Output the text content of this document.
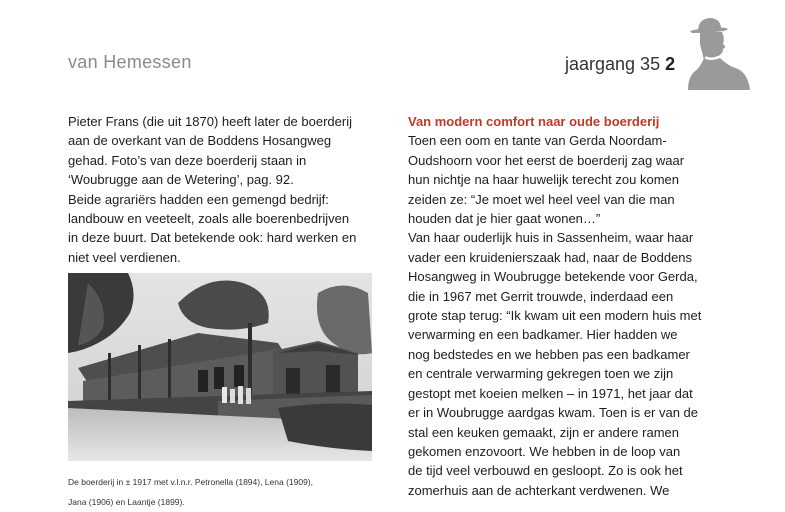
van Hemessen	jaargang 35 2

Pieter Frans (die uit 1870) heeft later de boerderij

aan de overkant van de Boddens Hosangweg

gehad. Foto’s van deze boerderij staan in

‘Woubrugge aan de Wetering’, pag. 92.

Beide agrariërs hadden een gemengd bedrijf:

landbouw en veeteelt, zoals alle boerenbedrijven

in deze buurt. Dat betekende ook: hard werken en

niet veel verdienen.

De boerderij in ± 1917 met v.l.n.r. Petronella (1894), Lena (1909),

Jana (1906) en Laantje (1899).

Van modern comfort naar oude boerderij

Toen een oom en tante van Gerda Noordam-

Oudshoorn voor het eerst de boerderij zag waar

hun nichtje na haar huwelijk terecht zou komen

zeiden ze: “Je moet wel heel veel van die man

houden dat je hier gaat wonen…”

Van haar ouderlijk huis in Sassenheim, waar haar

vader een kruidenierszaak had, naar de Boddens

Hosangweg in Woubrugge betekende voor Gerda,

die in 1967 met Gerrit trouwde, inderdaad een

grote stap terug: “Ik kwam uit een modern huis met

verwarming en een badkamer. Hier hadden we

nog bedstedes en we hebben pas een badkamer

en centrale verwarming gekregen toen we zijn

gestopt met koeien melken – in 1971, het jaar dat

er in Woubrugge aardgas kwam. Toen is er van de

stal een keuken gemaakt, zijn er andere ramen

gekomen enzovoort. We hebben in de loop van

de tijd veel verbouwd en gesloopt. Zo is ook het

zomerhuis aan de achterkant verdwenen. We
